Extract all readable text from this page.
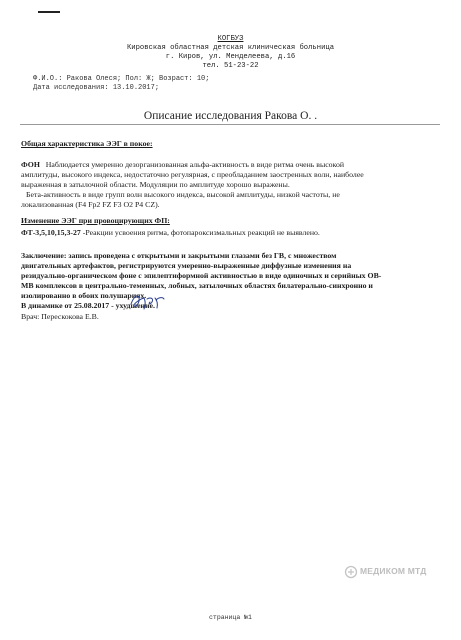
КОГБУЗ
Кировская областная детская клиническая больница
г. Киров, ул. Менделеева, д.16
тел. 51-23-22
Ф.И.О.: Ракова Олеся; Пол: Ж; Возраст: 10;
Дата исследования: 13.10.2017;
Описание исследования Ракова О. .

Общая характеристика ЭЭГ в покое:

ФОН Наблюдается умеренно дезорганизованная альфа-активность в виде ритма очень высокой

амплитуды, высокого индекса, недостаточно регулярная, с преобладанием заостренных волн, наиболее

выраженная в затылочной области. Модуляции по амплитуде хорошо выражены.

Бета-активность в виде групп волн высокого индекса, высокой амплитуды, низкой частоты, не

локализованная (F4 Fp2 FZ F3 O2 P4 CZ).

Изменение ЭЭГ при провоцирующих ФП:

ФТ-3,5,10,15,3-27 -Реакции усвоения ритма, фотопароксизмальных реакций не выявлено.

Заключение: запись проведена с открытыми и закрытыми глазами без ГВ, с множеством

двигательных артефактов, регистрируются умеренно-выраженные диффузные изменения на

резидуально-органическом фоне с эпилептиформной активностью в виде одиночных и серийных ОВ-

МВ комплексов в центрально-теменных, лобных, затылочных областях билатерально-синхронно и

изолированно в обоих полушариях.

В динамике от 25.08.2017 - ухудшение.

Врач: Перескокова Е.В.
МЕДИКОМ МТД
страница №1
